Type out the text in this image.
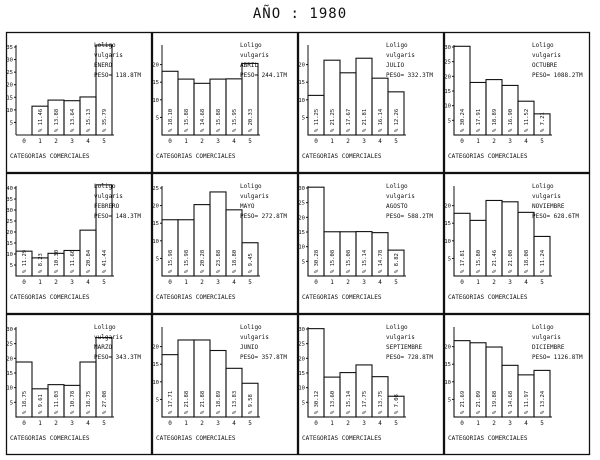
AÑO : 1980
5
10
15
20
25
30
35
0
% 11.46
1
% 13.88
2
% 13.64
3
% 15.13
4
% 35.79
5
CATEGORIAS COMERCIALES
Loligo
vulgaris
ENERO
PESO= 118.8TM
5
10
15
20
% 18.10
0
% 15.88
1
% 14.68
2
% 15.88
3
% 15.95
4
% 20.33
5
CATEGORIAS COMERCIALES
Loligo
vulgaris
ABRIL
PESO= 244.1TM
5
10
15
20
% 11.25
0
% 21.25
1
% 17.67
2
% 21.81
3
% 16.14
4
% 12.26
5
CATEGORIAS COMERCIALES
Loligo
vulgaris
JULIO
PESO= 332.3TM
5
10
15
20
25
30
% 30.24
0
% 17.91
1
% 18.89
2
% 16.90
3
% 11.52
4
% 7.21
5
CATEGORIAS COMERCIALES
Loligo
vulgaris
OCTUBRE
PESO= 1088.2TM
5
10
15
20
25
30
35
40
% 11.29
0
% 8.23
1
% 10.30
2
% 11.60
3
% 20.84
4
% 41.44
5
CATEGORIAS COMERCIALES
Loligo
vulgaris
FEBRERO
PESO= 148.3TM
5
10
15
20
25
% 15.98
0
% 15.98
1
% 20.28
2
% 23.88
3
% 18.80
4
% 9.45
5
CATEGORIAS COMERCIALES
Loligo
vulgaris
MAYO
PESO= 272.8TM
5
10
15
20
25
30
% 30.28
0
% 15.08
1
% 15.08
2
% 15.14
3
% 14.78
4
% 8.82
5
CATEGORIAS COMERCIALES
Loligo
vulgaris
AGOSTO
PESO= 588.2TM
5
10
15
20
% 17.81
0
% 15.80
1
% 21.46
2
% 21.08
3
% 18.08
4
% 11.24
5
CATEGORIAS COMERCIALES
Loligo
vulgaris
NOVIEMBRE
PESO= 628.6TM
5
10
15
20
25
30
% 18.75
0
% 9.61
1
% 11.03
2
% 10.78
3
% 18.75
4
% 27.08
5
CATEGORIAS COMERCIALES
Loligo
vulgaris
MARZO
PESO= 343.3TM
5
10
15
20
% 17.71
0
% 21.88
1
% 21.88
2
% 18.89
3
% 13.83
4
% 9.58
5
CATEGORIAS COMERCIALES
Loligo
vulgaris
JUNIO
PESO= 357.8TM
5
10
15
20
25
30
% 30.12
0
% 13.60
1
% 15.14
2
% 17.75
3
% 13.75
4
% 7.08
5
CATEGORIAS COMERCIALES
Loligo
vulgaris
SEPTIEMBRE
PESO= 728.8TM
5
10
15
20
% 21.69
0
% 21.09
1
% 19.88
2
% 14.68
3
% 11.97
4
% 13.24
5
CATEGORIAS COMERCIALES
Loligo
vulgaris
DICIEMBRE
PESO= 1126.8TM
